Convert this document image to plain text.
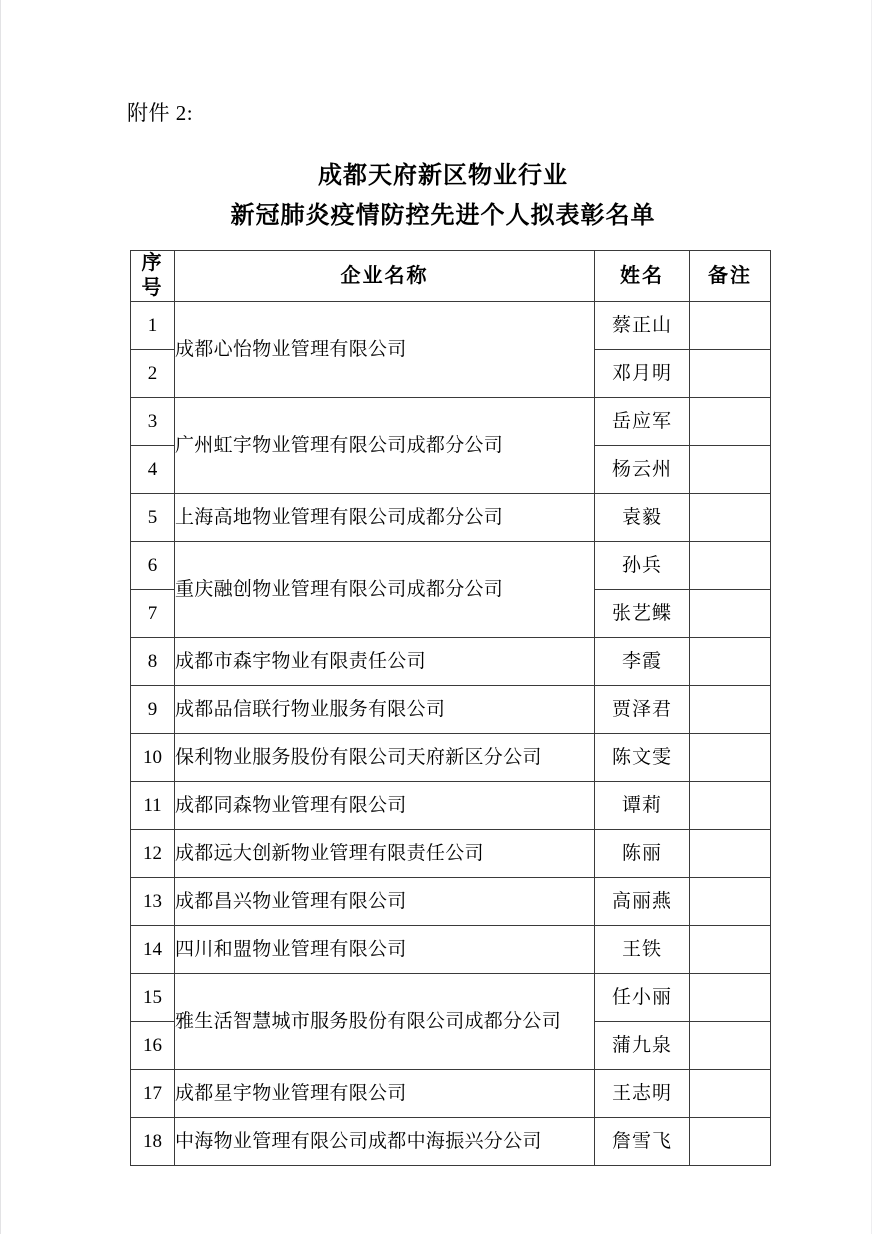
附件 2:
成都天府新区物业行业
新冠肺炎疫情防控先进个人拟表彰名单
序号	企业名称	姓名	备注
1	成都心怡物业管理有限公司	蔡正山	
2		邓月明	
3	广州虹宇物业管理有限公司成都分公司	岳应军	
4		杨云州	
5	上海高地物业管理有限公司成都分公司	袁毅	
6	重庆融创物业管理有限公司成都分公司	孙兵	
7		张艺鲽	
8	成都市森宇物业有限责任公司	李霞	
9	成都品信联行物业服务有限公司	贾泽君	
10	保利物业服务股份有限公司天府新区分公司	陈文雯	
11	成都同森物业管理有限公司	谭莉	
12	成都远大创新物业管理有限责任公司	陈丽	
13	成都昌兴物业管理有限公司	高丽燕	
14	四川和盟物业管理有限公司	王铁	
15	雅生活智慧城市服务股份有限公司成都分公司	任小丽	
16		蒲九泉	
17	成都星宇物业管理有限公司	王志明	
18	中海物业管理有限公司成都中海振兴分公司	詹雪飞	
